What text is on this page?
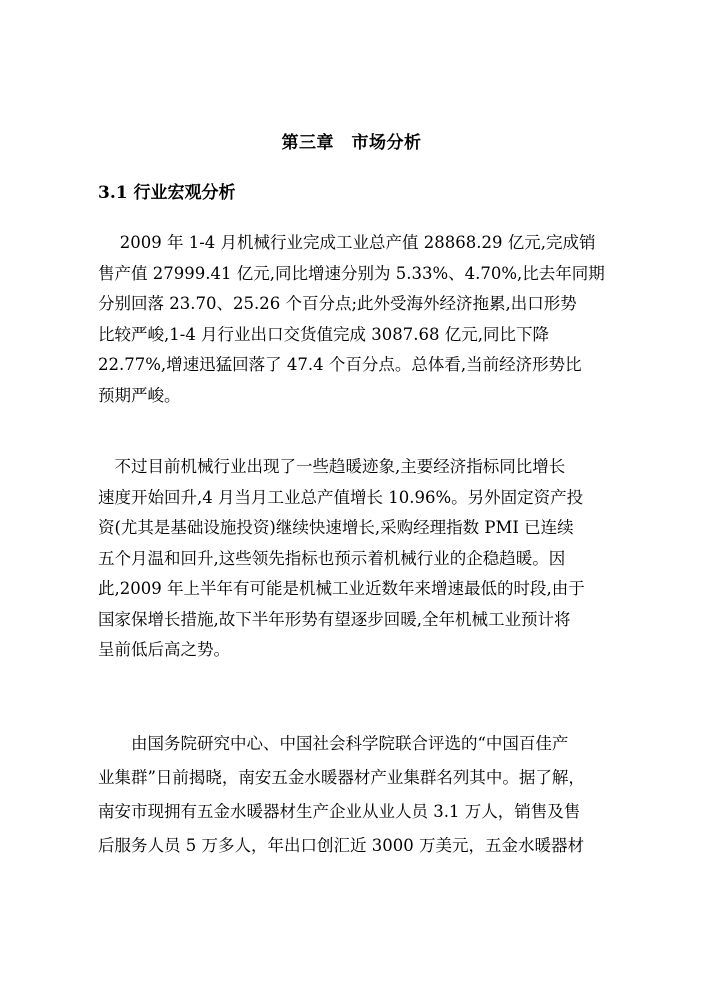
第三章　市场分析
3.1 行业宏观分析

　 2009 年 1-4 月机械行业完成工业总产值 28868.29 亿元,完成销
售产值 27999.41 亿元,同比增速分别为 5.33%、4.70%,比去年同期
分别回落 23.70、25.26 个百分点;此外受海外经济拖累,出口形势
比较严峻,1-4 月行业出口交货值完成 3087.68 亿元,同比下降
22.77%,增速迅猛回落了 47.4 个百分点。总体看,当前经济形势比
预期严峻。

　不过目前机械行业出现了一些趋暖迹象,主要经济指标同比增长
速度开始回升,4 月当月工业总产值增长 10.96%。另外固定资产投
资(尤其是基础设施投资)继续快速增长,采购经理指数 PMI 已连续
五个月温和回升,这些领先指标也预示着机械行业的企稳趋暖。因
此,2009 年上半年有可能是机械工业近数年来增速最低的时段,由于
国家保增长措施,故下半年形势有望逐步回暖,全年机械工业预计将
呈前低后高之势。

　　由国务院研究中心、中国社会科学院联合评选的“中国百佳产
业集群”日前揭晓，南安五金水暖器材产业集群名列其中。据了解，
南安市现拥有五金水暖器材生产企业从业人员 3.1 万人，销售及售
后服务人员 5 万多人，年出口创汇近 3000 万美元，五金水暖器材
